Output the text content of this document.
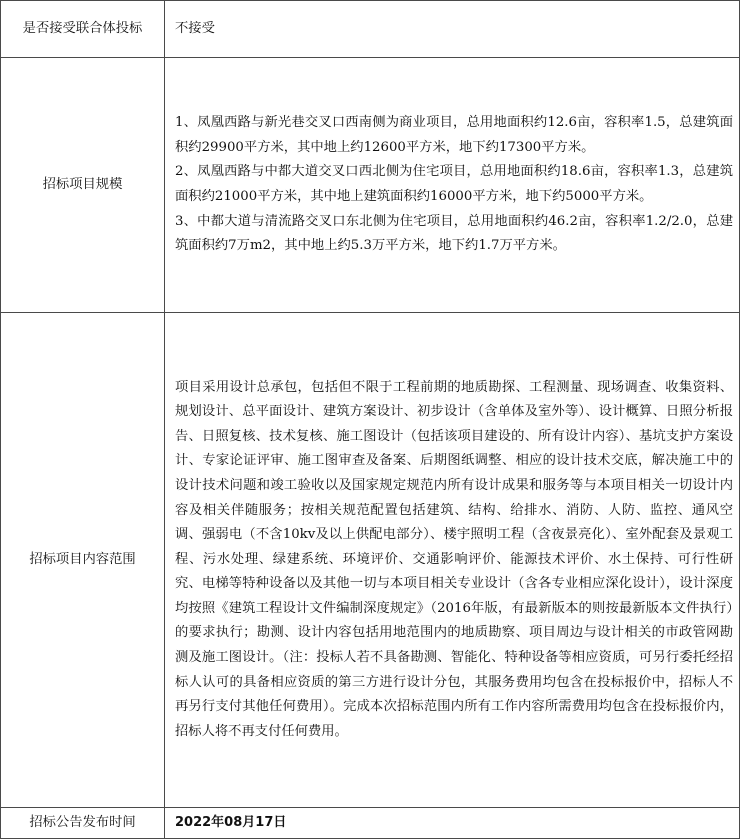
是否接受联合体投标	不接受
招标项目规模	1、凤凰西路与新光巷交叉口西南侧为商业项目，总用地面积约12.6亩，容积率1.5，总建筑面积约29900平方米，其中地上约12600平方米，地下约17300平方米。
2、凤凰西路与中都大道交叉口西北侧为住宅项目，总用地面积约18.6亩，容积率1.3，总建筑面积约21000平方米，其中地上建筑面积约16000平方米，地下约5000平方米。
3、中都大道与清流路交叉口东北侧为住宅项目，总用地面积约46.2亩，容积率1.2/2.0，总建筑面积约7万m2，其中地上约5.3万平方米，地下约1.7万平方米。

招标项目内容范围	项目采用设计总承包，包括但不限于工程前期的地质勘探、工程测量、现场调查、收集资料、规划设计、总平面设计、建筑方案设计、初步设计（含单体及室外等）、设计概算、日照分析报告、日照复核、技术复核、施工图设计（包括该项目建设的、所有设计内容）、基坑支护方案设计、专家论证评审、施工图审查及备案、后期图纸调整、相应的设计技术交底，解决施工中的设计技术问题和竣工验收以及国家规定规范内所有设计成果和服务等与本项目相关一切设计内容及相关伴随服务；按相关规范配置包括建筑、结构、给排水、消防、人防、监控、通风空调、强弱电（不含10kv及以上供配电部分）、楼宇照明工程（含夜景亮化）、室外配套及景观工程、污水处理、绿建系统、环境评价、交通影响评价、能源技术评价、水土保持、可行性研究、电梯等特种设备以及其他一切与本项目相关专业设计（含各专业相应深化设计），设计深度均按照《建筑工程设计文件编制深度规定》（2016年版，有最新版本的则按最新版本文件执行）的要求执行；勘测、设计内容包括用地范围内的地质勘察、项目周边与设计相关的市政管网勘测及施工图设计。（注：投标人若不具备勘测、智能化、特种设备等相应资质，可另行委托经招标人认可的具备相应资质的第三方进行设计分包，其服务费用均包含在投标报价中，招标人不再另行支付其他任何费用）。完成本次招标范围内所有工作内容所需费用均包含在投标报价内，招标人将不再支付任何费用。
招标公告发布时间	2022年08月17日
